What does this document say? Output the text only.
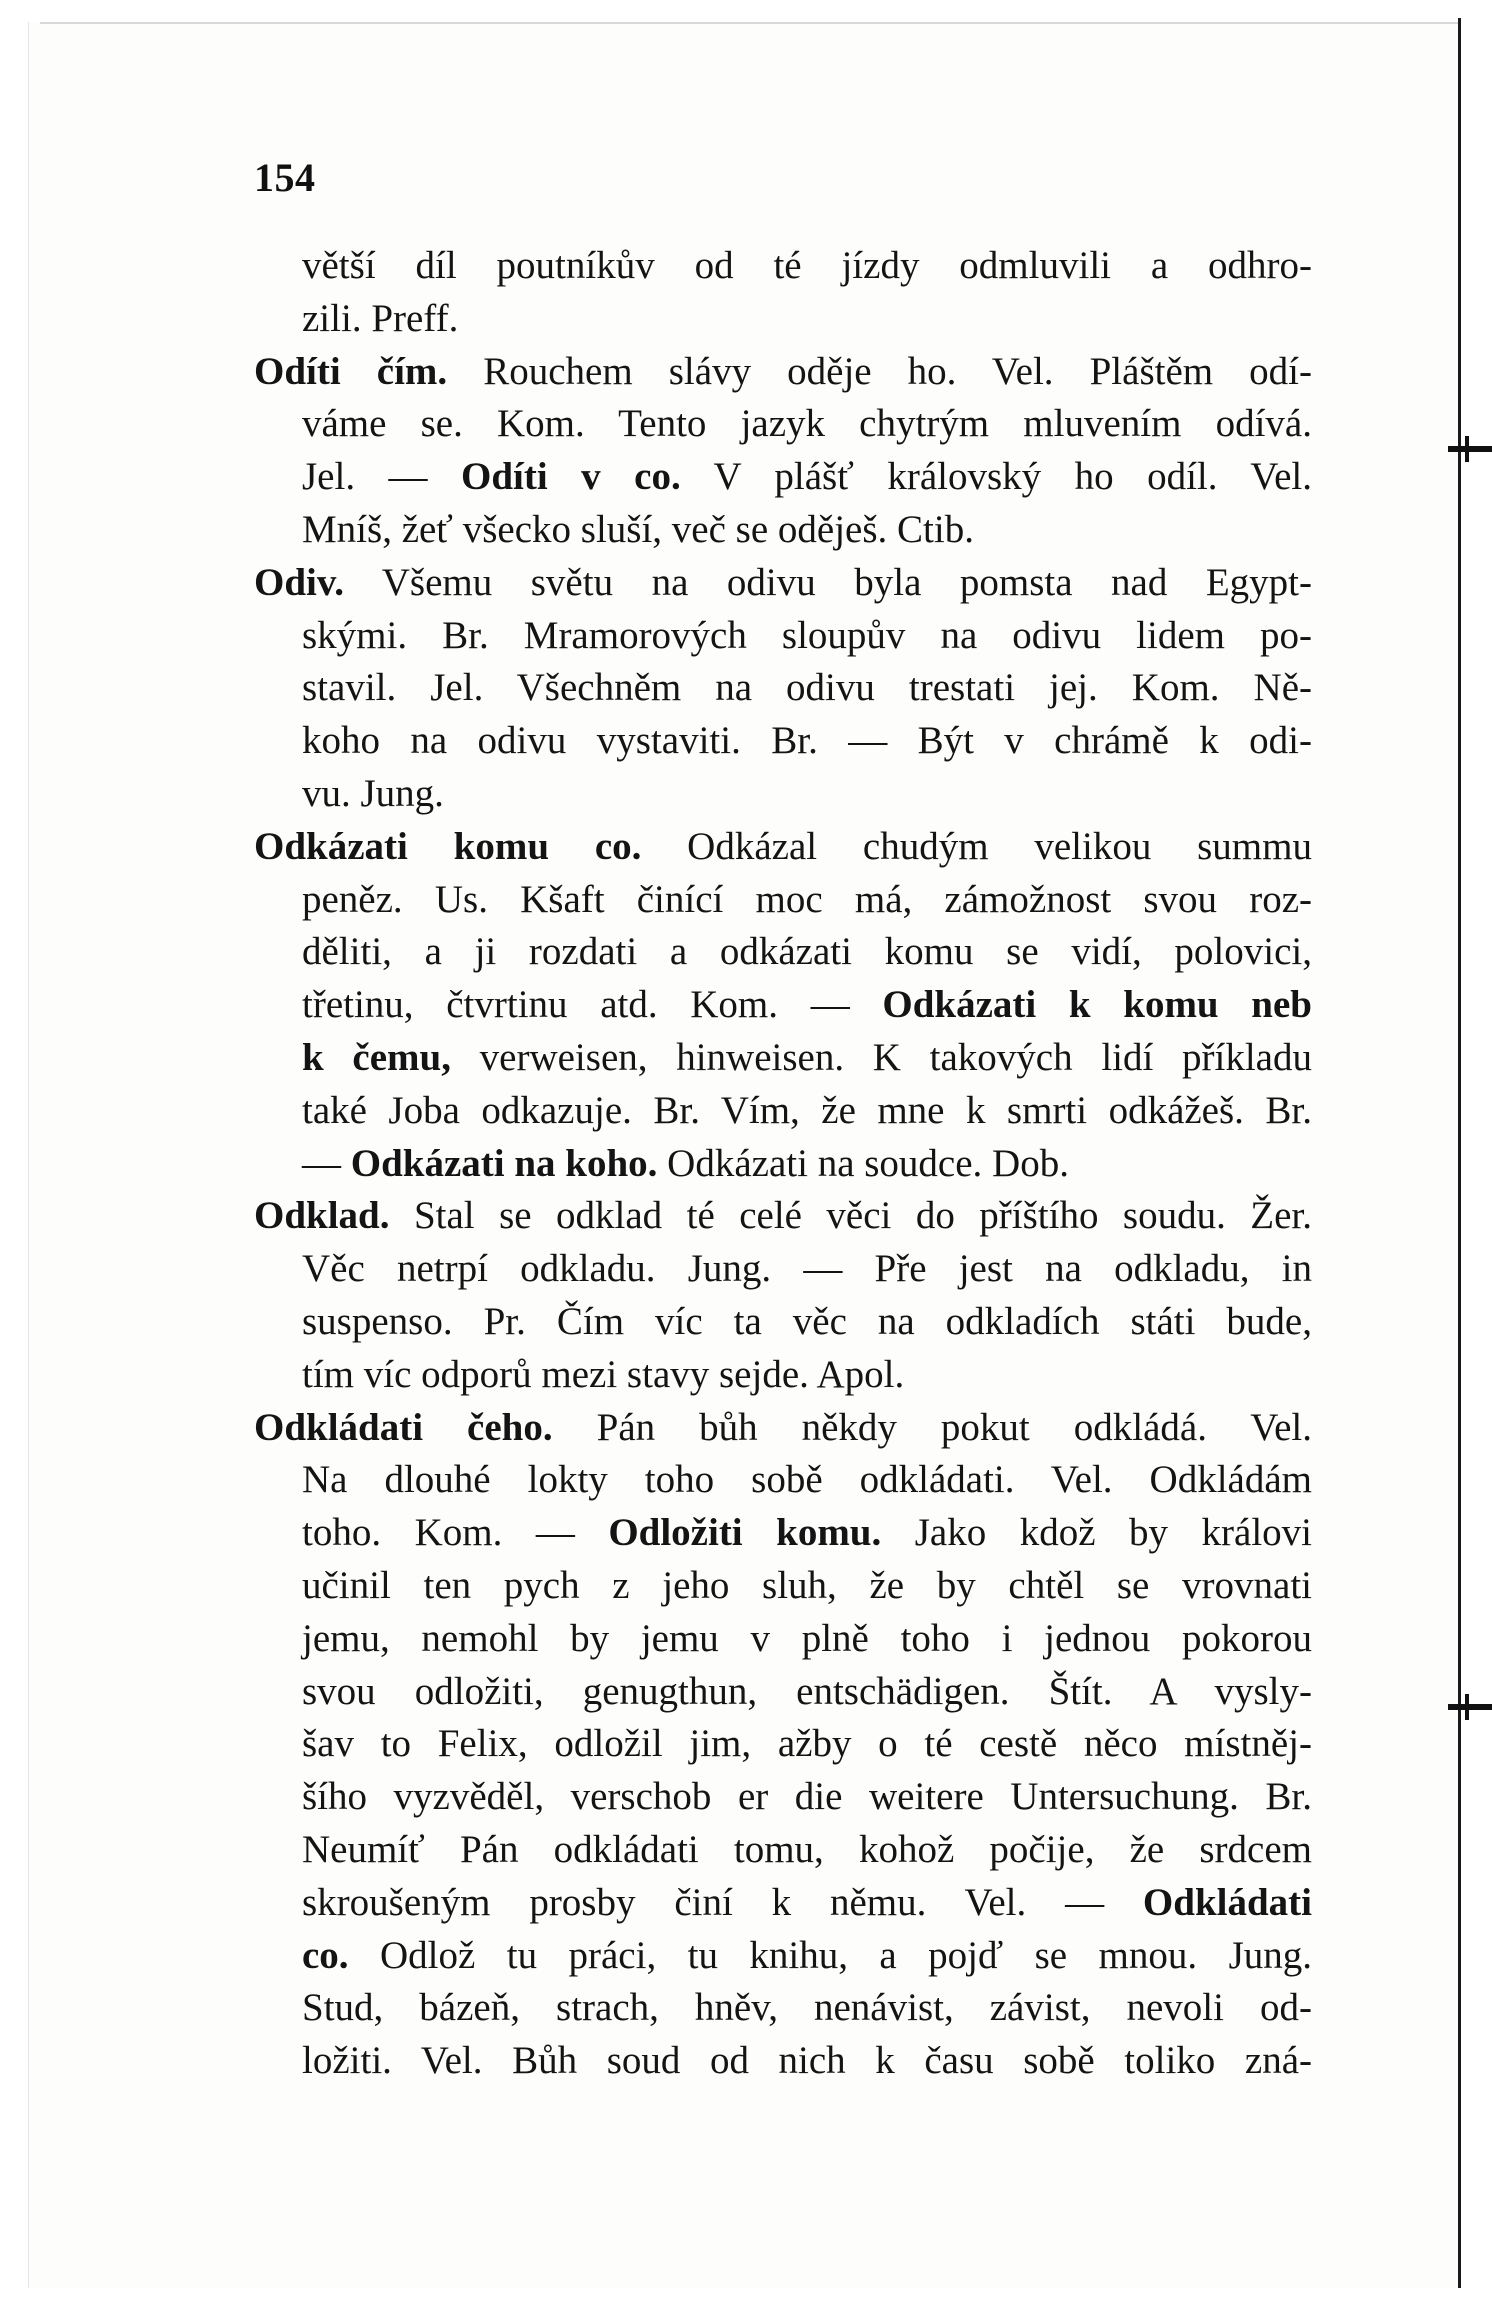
154
větší díl poutníkův od té jízdy odmluvili a odhro-
zili. Preff.
Odíti čím. Rouchem slávy oděje ho. Vel. Pláštěm odí-
váme se. Kom. Tento jazyk chytrým mluvením odívá.
Jel. — Odíti v co. V plášť královský ho odíl. Vel.
Mníš, žeť všecko sluší, več se oděješ. Ctib.
Odiv. Všemu světu na odivu byla pomsta nad Egypt-
skými. Br. Mramorových sloupův na odivu lidem po-
stavil. Jel. Všechněm na odivu trestati jej. Kom. Ně-
koho na odivu vystaviti. Br. — Být v chrámě k odi-
vu. Jung.
Odkázati komu co. Odkázal chudým velikou summu
peněz. Us. Kšaft činící moc má, zámožnost svou roz-
děliti, a ji rozdati a odkázati komu se vidí, polovici,
třetinu, čtvrtinu atd. Kom. — Odkázati k komu neb
k čemu, verweisen, hinweisen. K takových lidí příkladu
také Joba odkazuje. Br. Vím, že mne k smrti odkážeš. Br.
— Odkázati na koho. Odkázati na soudce. Dob.
Odklad. Stal se odklad té celé věci do příštího soudu. Žer.
Věc netrpí odkladu. Jung. — Pře jest na odkladu, in
suspenso. Pr. Čím víc ta věc na odkladích státi bude,
tím víc odporů mezi stavy sejde. Apol.
Odkládati čeho. Pán bůh někdy pokut odkládá. Vel.
Na dlouhé lokty toho sobě odkládati. Vel. Odkládám
toho. Kom. — Odložiti komu. Jako kdož by královi
učinil ten pych z jeho sluh, že by chtěl se vrovnati
jemu, nemohl by jemu v plně toho i jednou pokorou
svou odložiti, genugthun, entschädigen. Štít. A vysly-
šav to Felix, odložil jim, ažby o té cestě něco místněj-
šího vyzvěděl, verschob er die weitere Untersuchung. Br.
Neumíť Pán odkládati tomu, kohož počije, že srdcem
skroušeným prosby činí k němu. Vel. — Odkládati
co. Odlož tu práci, tu knihu, a pojď se mnou. Jung.
Stud, bázeň, strach, hněv, nenávist, závist, nevoli od-
ložiti. Vel. Bůh soud od nich k času sobě toliko zná-
